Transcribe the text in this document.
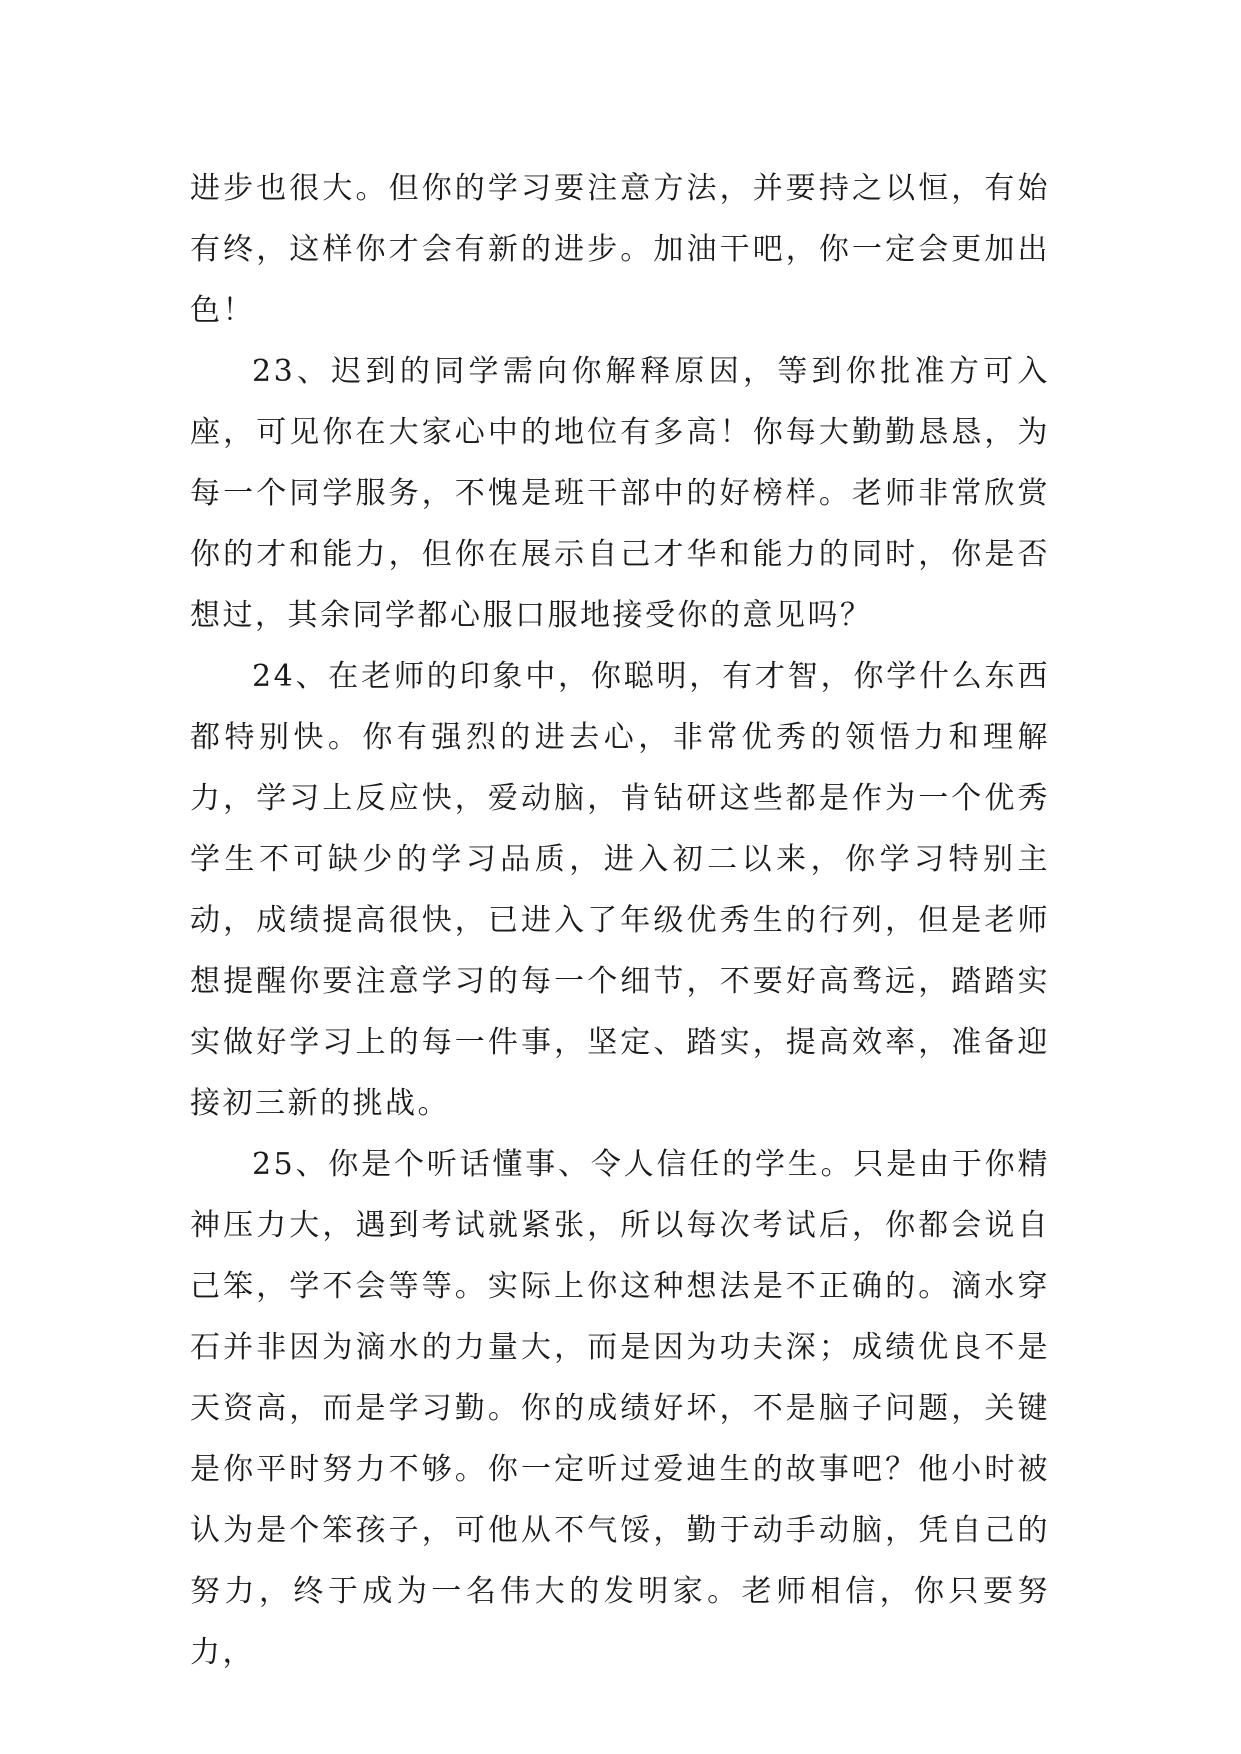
进步也很大。但你的学习要注意方法，并要持之以恒，有始有终，这样你才会有新的进步。加油干吧，你一定会更加出色！

23、迟到的同学需向你解释原因，等到你批准方可入座，可见你在大家心中的地位有多高！你每大勤勤恳恳，为每一个同学服务，不愧是班干部中的好榜样。老师非常欣赏你的才和能力，但你在展示自己才华和能力的同时，你是否想过，其余同学都心服口服地接受你的意见吗？

24、在老师的印象中，你聪明，有才智，你学什么东西都特别快。你有强烈的进去心，非常优秀的领悟力和理解力，学习上反应快，爱动脑，肯钻研这些都是作为一个优秀学生不可缺少的学习品质，进入初二以来，你学习特别主动，成绩提高很快，已进入了年级优秀生的行列，但是老师想提醒你要注意学习的每一个细节，不要好高骛远，踏踏实实做好学习上的每一件事，坚定、踏实，提高效率，准备迎接初三新的挑战。

25、你是个听话懂事、令人信任的学生。只是由于你精神压力大，遇到考试就紧张，所以每次考试后，你都会说自己笨，学不会等等。实际上你这种想法是不正确的。滴水穿石并非因为滴水的力量大，而是因为功夫深；成绩优良不是天资高，而是学习勤。你的成绩好坏，不是脑子问题，关键是你平时努力不够。你一定听过爱迪生的故事吧？他小时被认为是个笨孩子，可他从不气馁，勤于动手动脑，凭自己的努力，终于成为一名伟大的发明家。老师相信，你只要努力，
